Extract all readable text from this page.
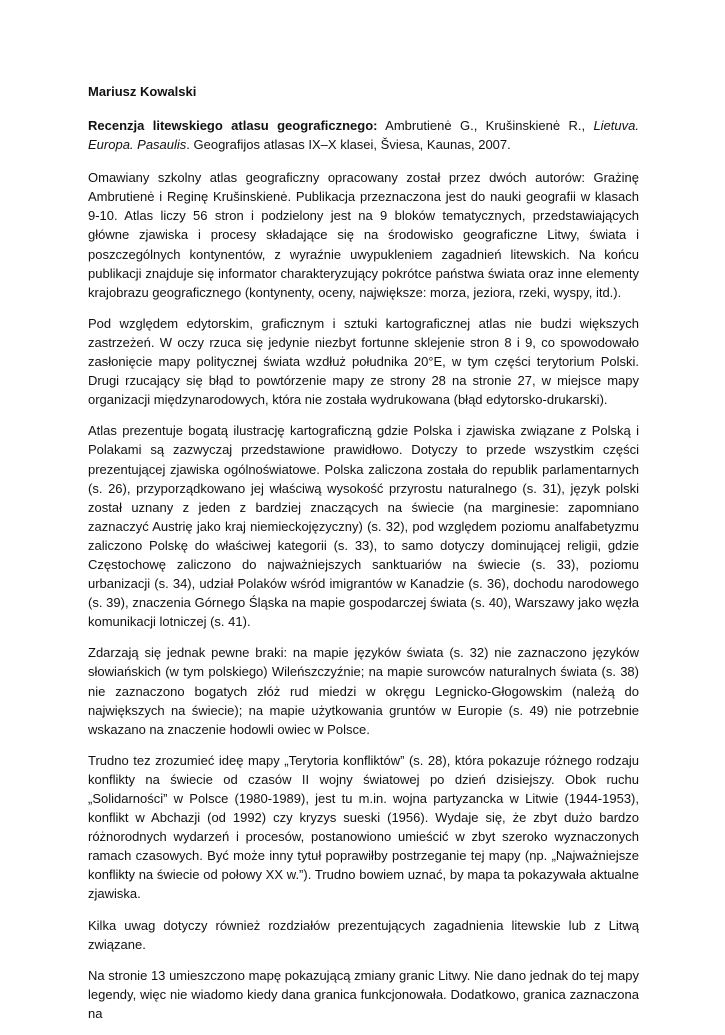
Mariusz Kowalski

Recenzja litewskiego atlasu geograficznego: Ambrutienė G., Krušinskienė R., Lietuva. Europa. Pasaulis. Geografijos atlasas IX–X klasei, Šviesa, Kaunas, 2007.

Omawiany szkolny atlas geograficzny opracowany został przez dwóch autorów: Grażinę Ambrutienė i Reginę Krušinskienė. Publikacja przeznaczona jest do nauki geografii w klasach 9-10. Atlas liczy 56 stron i podzielony jest na 9 bloków tematycznych, przedstawiających główne zjawiska i procesy składające się na środowisko geograficzne Litwy, świata i poszczególnych kontynentów, z wyraźnie uwypukleniem zagadnień litewskich. Na końcu publikacji znajduje się informator charakteryzujący pokrótce państwa świata oraz inne elementy krajobrazu geograficznego (kontynenty, oceny, największe: morza, jeziora, rzeki, wyspy, itd.).

Pod względem edytorskim, graficznym i sztuki kartograficznej atlas nie budzi większych zastrzeżeń. W oczy rzuca się jedynie niezbyt fortunne sklejenie stron 8 i 9, co spowodowało zasłonięcie mapy politycznej świata wzdłuż południka 20°E, w tym części terytorium Polski. Drugi rzucający się błąd to powtórzenie mapy ze strony 28 na stronie 27, w miejsce mapy organizacji międzynarodowych, która nie została wydrukowana (błąd edytorsko-drukarski).

Atlas prezentuje bogatą ilustrację kartograficzną gdzie Polska i zjawiska związane z Polską i Polakami są zazwyczaj przedstawione prawidłowo. Dotyczy to przede wszystkim części prezentującej zjawiska ogólnoświatowe. Polska zaliczona została do republik parlamentarnych (s. 26), przyporządkowano jej właściwą wysokość przyrostu naturalnego (s. 31), język polski został uznany z jeden z bardziej znaczących na świecie (na marginesie: zapomniano zaznaczyć Austrię jako kraj niemieckojęzyczny) (s. 32), pod względem poziomu analfabetyzmu zaliczono Polskę do właściwej kategorii (s. 33), to samo dotyczy dominującej religii, gdzie Częstochowę zaliczono do najważniejszych sanktuariów na świecie (s. 33), poziomu urbanizacji (s. 34), udział Polaków wśród imigrantów w Kanadzie (s. 36), dochodu narodowego (s. 39), znaczenia Górnego Śląska na mapie gospodarczej świata (s. 40), Warszawy jako węzła komunikacji lotniczej (s. 41).

Zdarzają się jednak pewne braki: na mapie języków świata (s. 32) nie zaznaczono języków słowiańskich (w tym polskiego) Wileńszczyźnie; na mapie surowców naturalnych świata (s. 38) nie zaznaczono bogatych złóż rud miedzi w okręgu Legnicko-Głogowskim (należą do największych na świecie); na mapie użytkowania gruntów w Europie (s. 49) nie potrzebnie wskazano na znaczenie hodowli owiec w Polsce.

Trudno tez zrozumieć ideę mapy „Terytoria konfliktów” (s. 28), która pokazuje różnego rodzaju konflikty na świecie od czasów II wojny światowej po dzień dzisiejszy. Obok ruchu „Solidarności” w Polsce (1980-1989), jest tu m.in. wojna partyzancka w Litwie (1944-1953), konflikt w Abchazji (od 1992) czy kryzys sueski (1956). Wydaje się, że zbyt dużo bardzo różnorodnych wydarzeń i procesów, postanowiono umieścić w zbyt szeroko wyznaczonych ramach czasowych. Być może inny tytuł poprawiłby postrzeganie tej mapy (np. „Najważniejsze konflikty na świecie od połowy XX w.”). Trudno bowiem uznać, by mapa ta pokazywała aktualne zjawiska.

Kilka uwag dotyczy również rozdziałów prezentujących zagadnienia litewskie lub z Litwą związane.

Na stronie 13 umieszczono mapę pokazującą zmiany granic Litwy. Nie dano jednak do tej mapy legendy, więc nie wiadomo kiedy dana granica funkcjonowała. Dodatkowo, granica zaznaczona na
